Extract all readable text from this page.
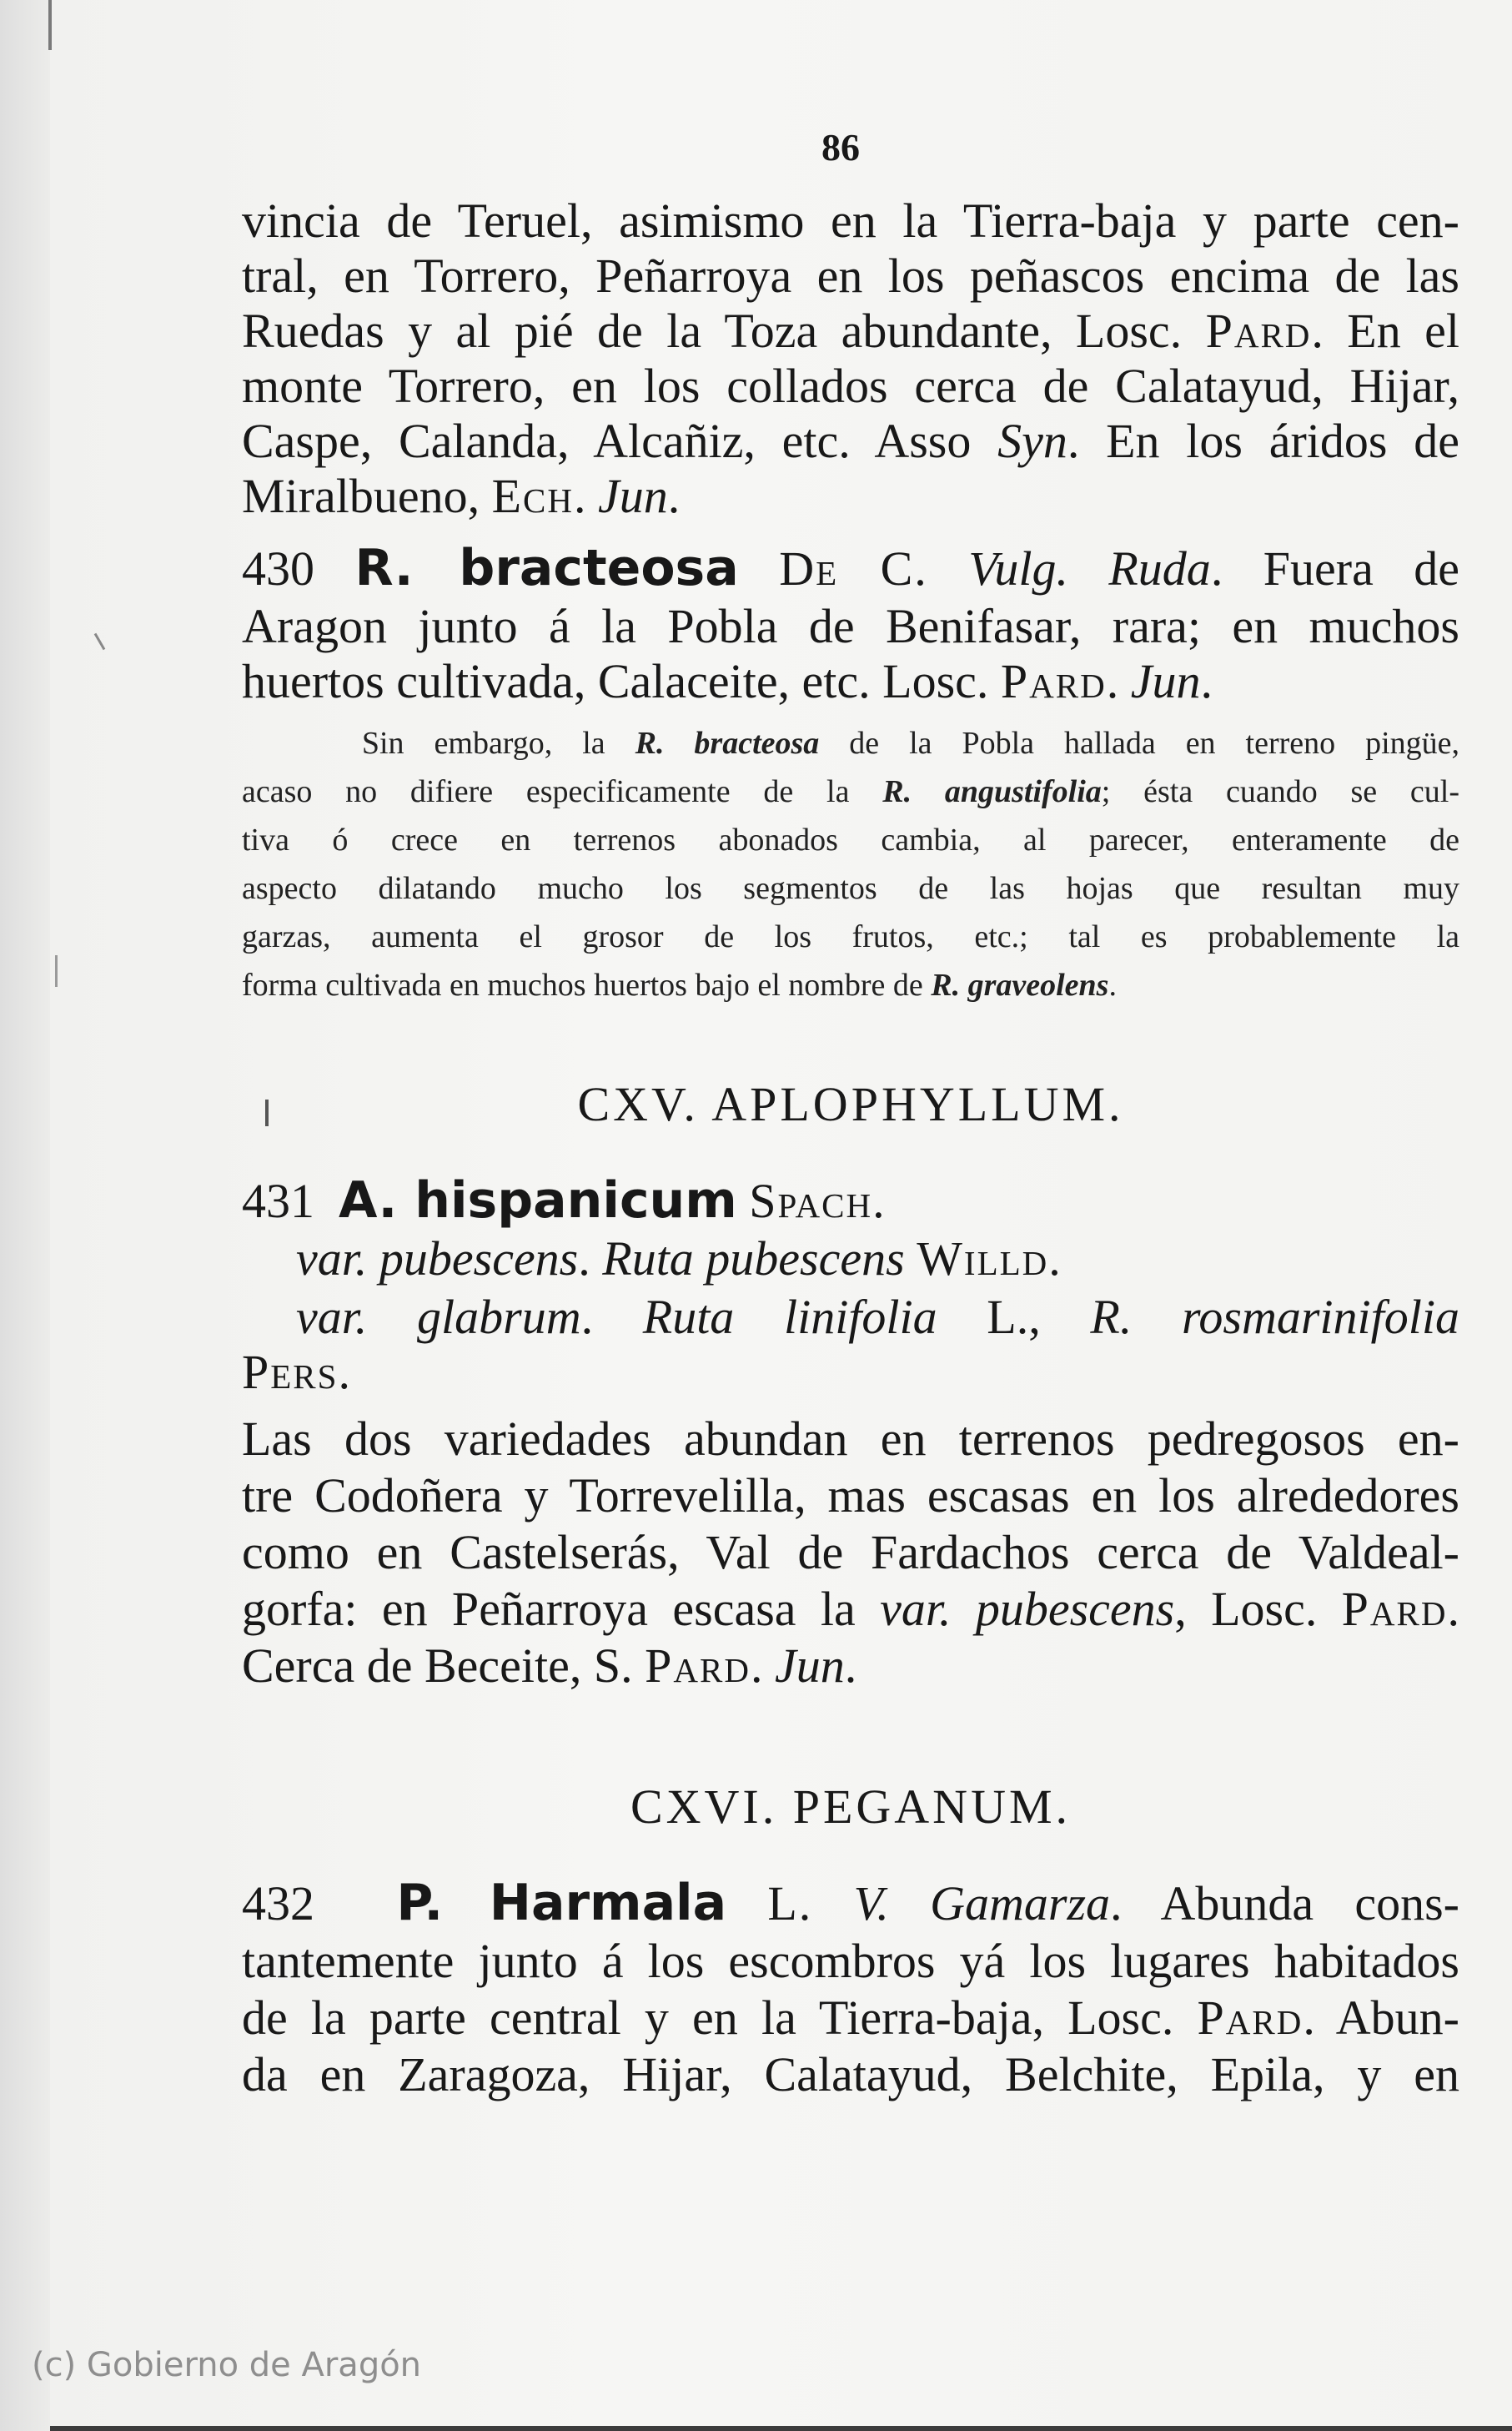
86
vincia de Teruel, asimismo en la Tierra-baja y parte cen-
tral, en Torrero, Peñarroya en los peñascos encima de las
Ruedas y al pié de la Toza abundante, Losc. Pard. En el
monte Torrero, en los collados cerca de Calatayud, Hijar,
Caspe, Calanda, Alcañiz, etc. Asso Syn. En los áridos de
Miralbueno, Ech. Jun.
430 R. bracteosa De C. Vulg. Ruda. Fuera de
Aragon junto á la Pobla de Benifasar, rara; en muchos
huertos cultivada, Calaceite, etc. Losc. Pard. Jun.
Sin embargo, la R. bracteosa de la Pobla hallada en terreno pingüe,
acaso no difiere especificamente de la R. angustifolia; ésta cuando se cul-
tiva ó crece en terrenos abonados cambia, al parecer, enteramente de
aspecto dilatando mucho los segmentos de las hojas que resultan muy
garzas, aumenta el grosor de los frutos, etc.; tal es probablemente la
forma cultivada en muchos huertos bajo el nombre de R. graveolens.
CXV. APLOPHYLLUM.
431 A. hispanicum Spach.
var. pubescens. Ruta pubescens Willd.
var. glabrum. Ruta linifolia L., R. rosmarinifolia
Pers.
Las dos variedades abundan en terrenos pedregosos en-
tre Codoñera y Torrevelilla, mas escasas en los alrededores
como en Castelserás, Val de Fardachos cerca de Valdeal-
gorfa: en Peñarroya escasa la var. pubescens, Losc. Pard.
Cerca de Beceite, S. Pard. Jun.
CXVI. PEGANUM.
432 P. Harmala L. V. Gamarza. Abunda cons-
tantemente junto á los escombros yá los lugares habitados
de la parte central y en la Tierra-baja, Losc. Pard. Abun-
da en Zaragoza, Hijar, Calatayud, Belchite, Epila, y en
(c) Gobierno de Aragón
